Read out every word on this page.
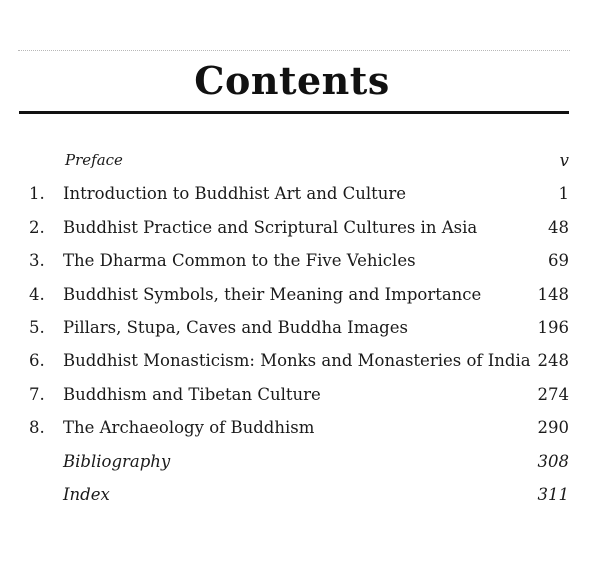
Contents
Preface	v
1.	Introduction to Buddhist Art and Culture	1
2.	Buddhist Practice and Scriptural Cultures in Asia	48
3.	The Dharma Common to the Five Vehicles	69
4.	Buddhist Symbols, their Meaning and Importance	148
5.	Pillars, Stupa, Caves and Buddha Images	196
6.	Buddhist Monasticism: Monks and Monasteries of India 248
7.	Buddhism and Tibetan Culture	274
8.	The Archaeology of Buddhism	290
Bibliography	308
Index	311
